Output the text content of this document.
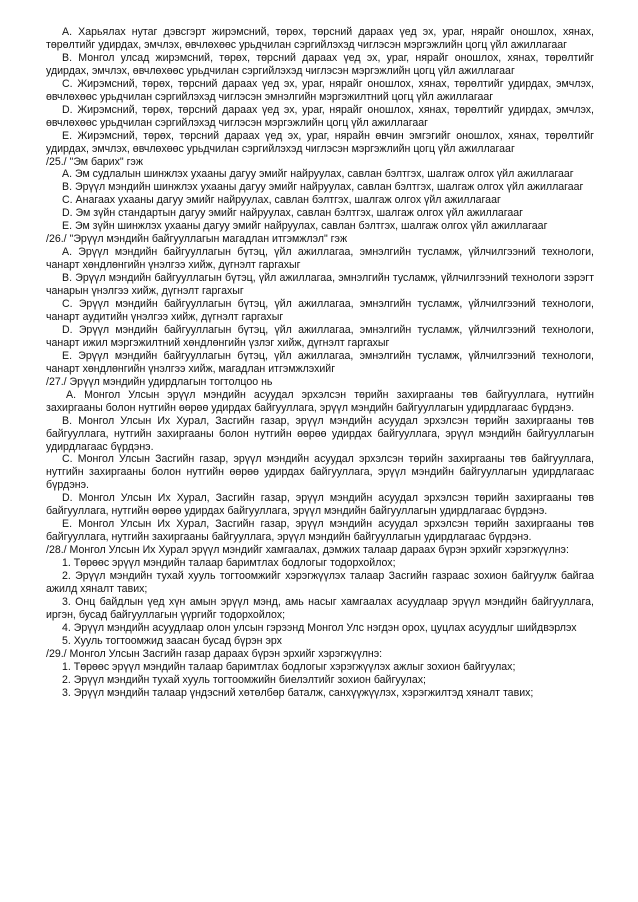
A. Харьялах нутаг дэвсгэрт жирэмсний, төрөх, төрсний дараах үед эх, ураг, нярайг оношлох, хянах, төрөлтийг удирдах, эмчлэх, өвчлөхөөс урьдчилан сэргийлэхэд чиглэсэн мэргэжлийн цогц үйл ажиллагааг

B. Монгол улсад жирэмсний, төрөх, төрсний дараах үед эх, ураг, нярайг оношлох, хянах, төрөлтийг удирдах, эмчлэх, өвчлөхөөс урьдчилан сэргийлэхэд чиглэсэн мэргэжлийн цогц үйл ажиллагааг

C. Жирэмсний, төрөх, төрсний дараах үед эх, ураг, нярайг оношлох, хянах, төрөлтийг удирдах, эмчлэх, өвчлөхөөс урьдчилан сэргийлэхэд чиглэсэн эмнэлгийн мэргэжилтний цогц үйл ажиллагааг

D. Жирэмсний, төрөх, төрсний дараах үед эх, ураг, нярайг оношлох, хянах, төрөлтийг удирдах, эмчлэх, өвчлөхөөс урьдчилан сэргийлэхэд чиглэсэн мэргэжлийн цогц үйл ажиллагааг

E. Жирэмсний, төрөх, төрсний дараах үед эх, ураг, нярайн өвчин эмгэгийг оношлох, хянах, төрөлтийг удирдах, эмчлэх, өвчлөхөөс урьдчилан сэргийлэхэд чиглэсэн мэргэжлийн цогц үйл ажиллагааг

/25./ "Эм барих" гэж

A. Эм судлалын шинжлэх ухааны дагуу эмийг найруулах, савлан бэлтгэх, шалгаж олгох үйл ажиллагааг

B. Эрүүл мэндийн шинжлэх ухааны дагуу эмийг найруулах, савлан бэлтгэх, шалгаж олгох үйл ажиллагааг

C. Анагаах ухааны дагуу эмийг найруулах, савлан бэлтгэх, шалгаж олгох үйл ажиллагааг

D. Эм зүйн стандартын дагуу эмийг найруулах, савлан бэлтгэх, шалгаж олгох үйл ажиллагааг

E. Эм зүйн шинжлэх ухааны дагуу эмийг найруулах, савлан бэлтгэх, шалгаж олгох үйл ажиллагааг

/26./ "Эрүүл мэндийн байгууллагын магадлан итгэмжлэл" гэж

A. Эрүүл мэндийн байгууллагын бүтэц, үйл ажиллагаа, эмнэлгийн тусламж, үйлчилгээний технологи, чанарт хөндлөнгийн үнэлгээ хийж, дүгнэлт гаргахыг

B. Эрүүл мэндийн байгууллагын бүтэц, үйл ажиллагаа, эмнэлгийн тусламж, үйлчилгээний технологи зэрэгт чанарын үнэлгээ хийж, дүгнэлт гаргахыг

C. Эрүүл мэндийн байгууллагын бүтэц, үйл ажиллагаа, эмнэлгийн тусламж, үйлчилгээний технологи, чанарт аудитийн үнэлгээ хийж, дүгнэлт гаргахыг

D. Эрүүл мэндийн байгууллагын бүтэц, үйл ажиллагаа, эмнэлгийн тусламж, үйлчилгээний технологи, чанарт ижил мэргэжилтний хөндлөнгийн үзлэг хийж, дүгнэлт гаргахыг

E. Эрүүл мэндийн байгууллагын бүтэц, үйл ажиллагаа, эмнэлгийн тусламж, үйлчилгээний технологи, чанарт хөндлөнгийн үнэлгээ хийж, магадлан итгэмжлэхийг

/27./ Эрүүл мэндийн удирдлагын тогтолцоо нь

A. Монгол Улсын эрүүл мэндийн асуудал эрхэлсэн төрийн захиргааны төв байгууллага, нутгийн захиргааны болон нутгийн өөрөө удирдах байгууллага, эрүүл мэндийн байгууллагын удирдлагаас бүрдэнэ.

B. Монгол Улсын Их Хурал, Засгийн газар, эрүүл мэндийн асуудал эрхэлсэн төрийн захиргааны төв байгууллага, нутгийн захиргааны болон нутгийн өөрөө удирдах байгууллага, эрүүл мэндийн байгууллагын удирдлагаас бүрдэнэ.

C. Монгол Улсын Засгийн газар, эрүүл мэндийн асуудал эрхэлсэн төрийн захиргааны төв байгууллага, нутгийн захиргааны болон нутгийн өөрөө удирдах байгууллага, эрүүл мэндийн байгууллагын удирдлагаас бүрдэнэ.

D. Монгол Улсын Их Хурал, Засгийн газар, эрүүл мэндийн асуудал эрхэлсэн төрийн захиргааны төв байгууллага, нутгийн өөрөө удирдах байгууллага, эрүүл мэндийн байгууллагын удирдлагаас бүрдэнэ.

E. Монгол Улсын Их Хурал, Засгийн газар, эрүүл мэндийн асуудал эрхэлсэн төрийн захиргааны төв байгууллага, нутгийн захиргааны байгууллага, эрүүл мэндийн байгууллагын удирдлагаас бүрдэнэ.

/28./ Монгол Улсын Их Хурал эрүүл мэндийг хамгаалах, дэмжих талаар дараах бүрэн эрхийг хэрэгжүүлнэ:

1. Төрөөс эрүүл мэндийн талаар баримтлах бодлогыг тодорхойлох;

2. Эрүүл мэндийн тухай хууль тогтоомжийг хэрэгжүүлэх талаар Засгийн газраас зохион байгуулж байгаа ажилд хяналт тавих;

3. Онц байдлын үед хүн амын эрүүл мэнд, амь насыг хамгаалах асуудлаар эрүүл мэндийн байгууллага, иргэн, бусад байгууллагын үүргийг тодорхойлох;

4. Эрүүл мэндийн асуудлаар олон улсын гэрээнд Монгол Улс нэгдэн орох, цуцлах асуудлыг шийдвэрлэх

5. Хууль тогтоомжид заасан бусад бүрэн эрх

/29./ Монгол Улсын Засгийн газар дараах бүрэн эрхийг хэрэгжүүлнэ:

1. Төрөөс эрүүл мэндийн талаар баримтлах бодлогыг хэрэгжүүлэх ажлыг зохион байгуулах;

2. Эрүүл мэндийн тухай хууль тогтоомжийн биелэлтийг зохион байгуулах;

3. Эрүүл мэндийн талаар үндэсний хөтөлбөр баталж, санхүүжүүлэх, хэрэгжилтэд хяналт тавих;
